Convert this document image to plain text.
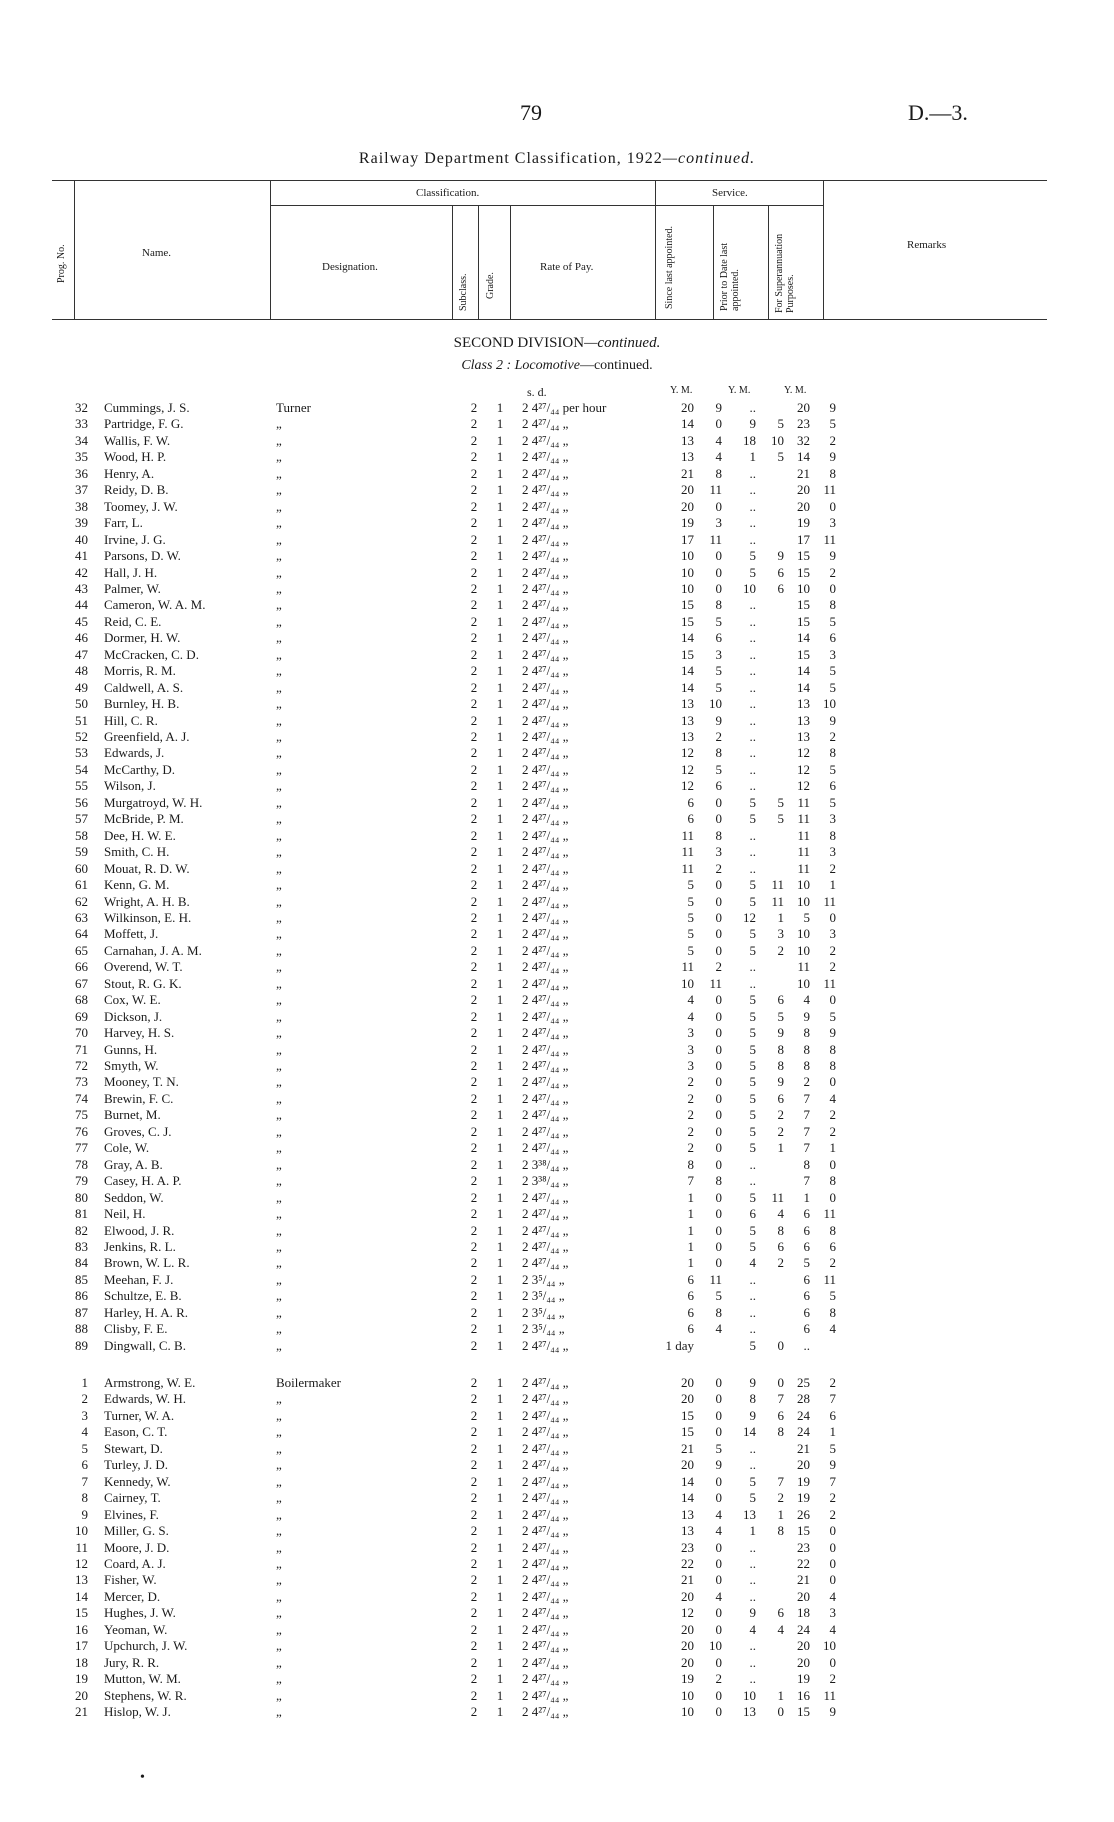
79	D.—3.
Railway Department Classification, 1922—continued.
Prog. No.	Name.
Classification.
Designation.
Subclass. Grade.
Rate of Pay.
Service.
Since last appointed.	Prior to Date last appointed.	For Superannuation Purposes.
Remarks
SECOND DIVISION—continued.
Class 2 : Locomotive—continued.
s. d.	Y. M.	Y. M.	Y. M.
32 Cummings, J. S.	Turner	2	1	2 4²⁷/₄₄ per hour	20	9	..	20	9
33 Partridge, F. G.	„	2	1	2 4²⁷/₄₄ „	14	0	9	5	23	5
34 Wallis, F. W.	„	2	1	2 4²⁷/₄₄ „	13	4	18	10	32	2
35 Wood, H. P.	„	2	1	2 4²⁷/₄₄ „	13	4	1	5	14	9
36 Henry, A.	„	2	1	2 4²⁷/₄₄ „	21	8	..	21	8
37 Reidy, D. B.	„	2	1	2 4²⁷/₄₄ „	20	11	..	20	11
38 Toomey, J. W.	„	2	1	2 4²⁷/₄₄ „	20	0	..	20	0
39 Farr, L.	„	2	1	2 4²⁷/₄₄ „	19	3	..	19	3
40 Irvine, J. G.	„	2	1	2 4²⁷/₄₄ „	17	11	..	17	11
41 Parsons, D. W.	„	2	1	2 4²⁷/₄₄ „	10	0	5	9	15	9
42 Hall, J. H.	„	2	1	2 4²⁷/₄₄ „	10	0	5	6	15	2
43 Palmer, W.	„	2	1	2 4²⁷/₄₄ „	10	0	10	6	10	0
44 Cameron, W. A. M.	„	2	1	2 4²⁷/₄₄ „	15	8	..	15	8
45 Reid, C. E.	„	2	1	2 4²⁷/₄₄ „	15	5	..	15	5
46 Dormer, H. W.	„	2	1	2 4²⁷/₄₄ „	14	6	..	14	6
47 McCracken, C. D.	„	2	1	2 4²⁷/₄₄ „	15	3	..	15	3
48 Morris, R. M.	„	2	1	2 4²⁷/₄₄ „	14	5	..	14	5
49 Caldwell, A. S.	„	2	1	2 4²⁷/₄₄ „	14	5	..	14	5
50 Burnley, H. B.	„	2	1	2 4²⁷/₄₄ „	13	10	..	13	10
51 Hill, C. R.	„	2	1	2 4²⁷/₄₄ „	13	9	..	13	9
52 Greenfield, A. J.	„	2	1	2 4²⁷/₄₄ „	13	2	..	13	2
53 Edwards, J.	„	2	1	2 4²⁷/₄₄ „	12	8	..	12	8
54 McCarthy, D.	„	2	1	2 4²⁷/₄₄ „	12	5	..	12	5
55 Wilson, J.	„	2	1	2 4²⁷/₄₄ „	12	6	..	12	6
56 Murgatroyd, W. H.	„	2	1	2 4²⁷/₄₄ „	6	0	5	5	11	5
57 McBride, P. M.	„	2	1	2 4²⁷/₄₄ „	6	0	5	5	11	3
58 Dee, H. W. E.	„	2	1	2 4²⁷/₄₄ „	11	8	..	11	8
59 Smith, C. H.	„	2	1	2 4²⁷/₄₄ „	11	3	..	11	3
60 Mouat, R. D. W.	„	2	1	2 4²⁷/₄₄ „	11	2	..	11	2
61 Kenn, G. M.	„	2	1	2 4²⁷/₄₄ „	5	0	5	11	10	1
62 Wright, A. H. B.	„	2	1	2 4²⁷/₄₄ „	5	0	5	11	10	11
63 Wilkinson, E. H.	„	2	1	2 4²⁷/₄₄ „	5	0	12	1	5	0
64 Moffett, J.	„	2	1	2 4²⁷/₄₄ „	5	0	5	3	10	3
65 Carnahan, J. A. M.	„	2	1	2 4²⁷/₄₄ „	5	0	5	2	10	2
66 Overend, W. T.	„	2	1	2 4²⁷/₄₄ „	11	2	..	11	2
67 Stout, R. G. K.	„	2	1	2 4²⁷/₄₄ „	10	11	..	10	11
68 Cox, W. E.	„	2	1	2 4²⁷/₄₄ „	4	0	5	6	4	0
69 Dickson, J.	„	2	1	2 4²⁷/₄₄ „	4	0	5	5	9	5
70 Harvey, H. S.	„	2	1	2 4²⁷/₄₄ „	3	0	5	9	8	9
71 Gunns, H.	„	2	1	2 4²⁷/₄₄ „	3	0	5	8	8	8
72 Smyth, W.	„	2	1	2 4²⁷/₄₄ „	3	0	5	8	8	8
73 Mooney, T. N.	„	2	1	2 4²⁷/₄₄ „	2	0	5	9	2	0
74 Brewin, F. C.	„	2	1	2 4²⁷/₄₄ „	2	0	5	6	7	4
75 Burnet, M.	„	2	1	2 4²⁷/₄₄ „	2	0	5	2	7	2
76 Groves, C. J.	„	2	1	2 4²⁷/₄₄ „	2	0	5	2	7	2
77 Cole, W.	„	2	1	2 4²⁷/₄₄ „	2	0	5	1	7	1
78 Gray, A. B.	„	2	1	2 3³⁸/₄₄ „	8	0	..	8	0
79 Casey, H. A. P.	„	2	1	2 3³⁸/₄₄ „	7	8	..	7	8
80 Seddon, W.	„	2	1	2 4²⁷/₄₄ „	1	0	5	11	1	0
81 Neil, H.	„	2	1	2 4²⁷/₄₄ „	1	0	6	4	6	11
82 Elwood, J. R.	„	2	1	2 4²⁷/₄₄ „	1	0	5	8	6	8
83 Jenkins, R. L.	„	2	1	2 4²⁷/₄₄ „	1	0	5	6	6	6
84 Brown, W. L. R.	„	2	1	2 4²⁷/₄₄ „	1	0	4	2	5	2
85 Meehan, F. J.	„	2	1	2 3⁵/₄₄ „	6	11	..	6	11
86 Schultze, E. B.	„	2	1	2 3⁵/₄₄ „	6	5	..	6	5
87 Harley, H. A. R.	„	2	1	2 3⁵/₄₄ „	6	8	..	6	8
88 Clisby, F. E.	„	2	1	2 3⁵/₄₄ „	6	4	..	6	4
89 Dingwall, C. B.	„	2	1	2 4²⁷/₄₄ „	1 day	5	0	..
1 Armstrong, W. E.	Boilermaker	2	1	2 4²⁷/₄₄ „	20	0	9	0	25	2
2 Edwards, W. H.	„	2	1	2 4²⁷/₄₄ „	20	0	8	7	28	7
3 Turner, W. A.	„	2	1	2 4²⁷/₄₄ „	15	0	9	6	24	6
4 Eason, C. T.	„	2	1	2 4²⁷/₄₄ „	15	0	14	8	24	1
5 Stewart, D.	„	2	1	2 4²⁷/₄₄ „	21	5	..	21	5
6 Turley, J. D.	„	2	1	2 4²⁷/₄₄ „	20	9	..	20	9
7 Kennedy, W.	„	2	1	2 4²⁷/₄₄ „	14	0	5	7	19	7
8 Cairney, T.	„	2	1	2 4²⁷/₄₄ „	14	0	5	2	19	2
9 Elvines, F.	„	2	1	2 4²⁷/₄₄ „	13	4	13	1	26	2
10 Miller, G. S.	„	2	1	2 4²⁷/₄₄ „	13	4	1	8	15	0
11 Moore, J. D.	„	2	1	2 4²⁷/₄₄ „	23	0	..	23	0
12 Coard, A. J.	„	2	1	2 4²⁷/₄₄ „	22	0	..	22	0
13 Fisher, W.	„	2	1	2 4²⁷/₄₄ „	21	0	..	21	0
14 Mercer, D.	„	2	1	2 4²⁷/₄₄ „	20	4	..	20	4
15 Hughes, J. W.	„	2	1	2 4²⁷/₄₄ „	12	0	9	6	18	3
16 Yeoman, W.	„	2	1	2 4²⁷/₄₄ „	20	0	4	4	24	4
17 Upchurch, J. W.	„	2	1	2 4²⁷/₄₄ „	20	10	..	20	10
18 Jury, R. R.	„	2	1	2 4²⁷/₄₄ „	20	0	..	20	0
19 Mutton, W. M.	„	2	1	2 4²⁷/₄₄ „	19	2	..	19	2
20 Stephens, W. R.	„	2	1	2 4²⁷/₄₄ „	10	0	10	1	16	11
21 Hislop, W. J.	„	2	1	2 4²⁷/₄₄ „	10	0	13	0	15	9
•
